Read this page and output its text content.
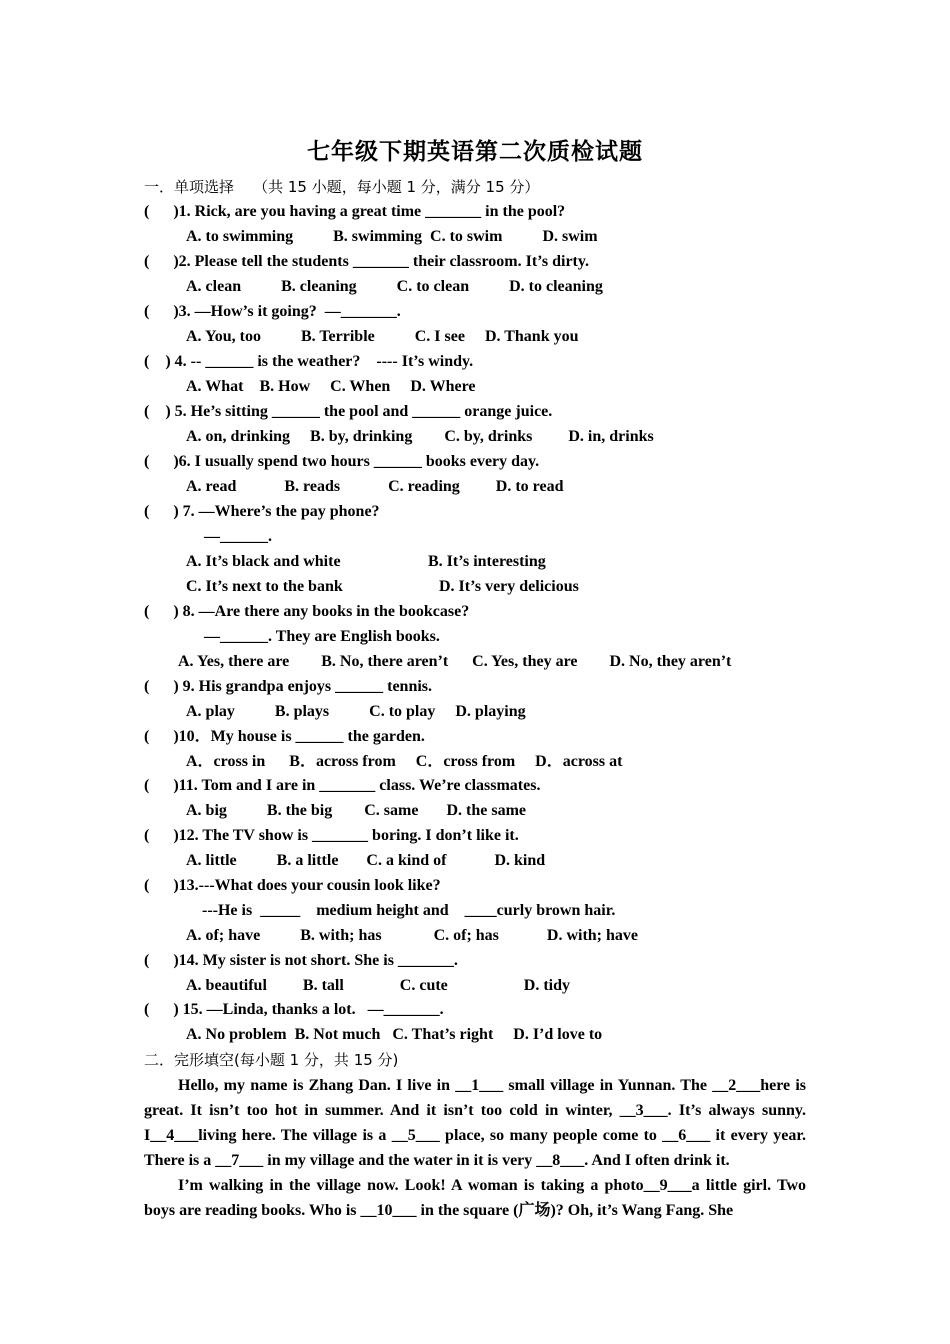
七年级下期英语第二次质检试题
一．单项选择    （共 15 小题，每小题 1 分，满分 15 分）
(      )1. Rick, are you having a great time _______ in the pool?
A. to swimming          B. swimming  C. to swim          D. swim
(      )2. Please tell the students _______ their classroom. It’s dirty.
A. clean          B. cleaning          C. to clean          D. to cleaning
(      )3. —How’s it going?  —_______.
A. You, too          B. Terrible          C. I see     D. Thank you
(    ) 4. -- ______ is the weather?    ---- It’s windy.
A. What    B. How     C. When     D. Where
(    ) 5. He’s sitting ______ the pool and ______ orange juice.
A. on, drinking     B. by, drinking        C. by, drinks         D. in, drinks
(      )6. I usually spend two hours ______ books every day.
A. read            B. reads            C. reading         D. to read
(      ) 7. —Where’s the pay phone?
—______.
A. It’s black and white	B. It’s interesting
C. It’s next to the bank	D. It’s very delicious
(      ) 8. —Are there any books in the bookcase?
—______. They are English books.
A. Yes, there are        B. No, there aren’t      C. Yes, they are        D. No, they aren’t
(      ) 9. His grandpa enjoys ______ tennis.
A. play          B. plays          C. to play     D. playing
(      )10．My house is ______ the garden.
A．cross in      B．across from     C．cross from     D．across at
(      )11. Tom and I are in _______ class. We’re classmates.
A. big          B. the big        C. same       D. the same
(      )12. The TV show is _______ boring. I don’t like it.
A. little          B. a little       C. a kind of            D. kind
(      )13.---What does your cousin look like?
---He is  _____    medium height and    ____curly brown hair.
A. of; have          B. with; has             C. of; has            D. with; have
(      )14. My sister is not short. She is _______.
A. beautiful         B. tall              C. cute                   D. tidy
(      ) 15. —Linda, thanks a lot.   —_______.
A. No problem  B. Not much   C. That’s right     D. I’d love to
二．完形填空(每小题 1 分，共 15 分)
Hello, my name is Zhang Dan. I live in __1___ small village in Yunnan. The __2___here is great. It isn’t too hot in summer. And it isn’t too cold in winter, __3___. It’s always sunny. I__4___living here. The village is a __5___ place, so many people come to __6___ it every year. There is a __7___ in my village and the water in it is very __8___. And I often drink it.
I’m walking in the village now. Look! A woman is taking a photo__9___a little girl. Two boys are reading books. Who is __10___ in the square (广场)? Oh, it’s Wang Fang. She
